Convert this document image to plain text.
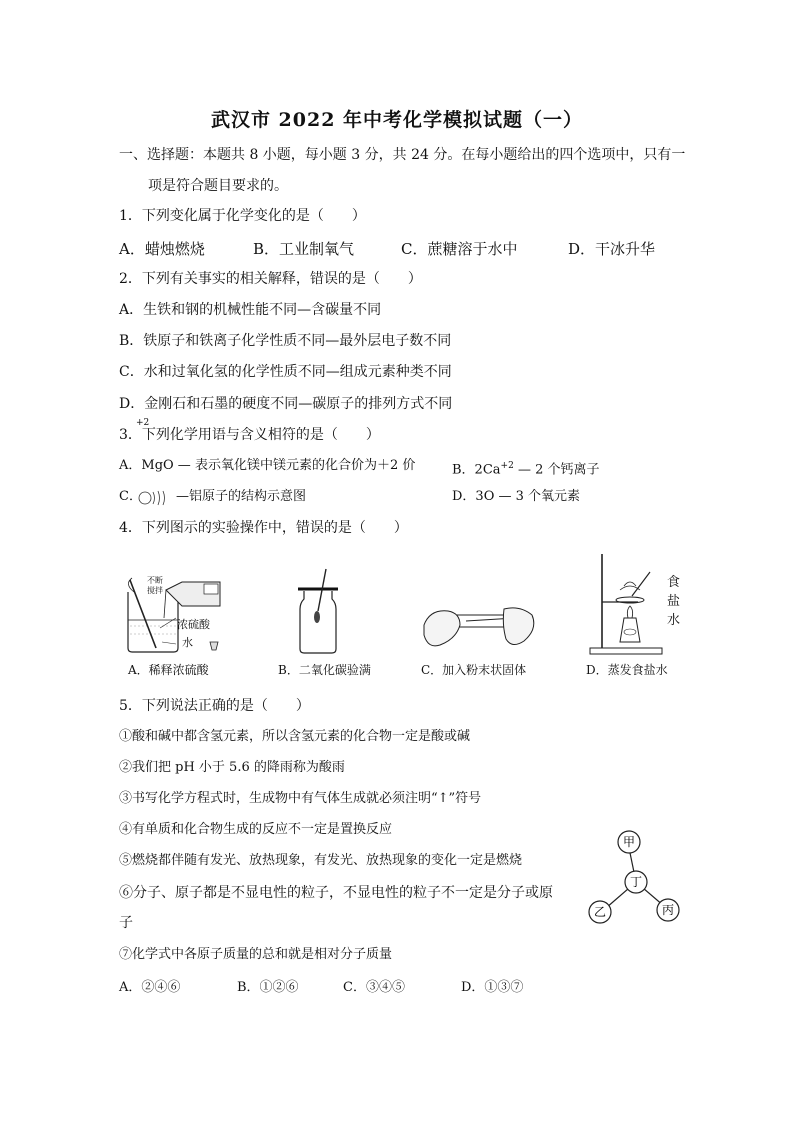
武汉市 2022 年中考化学模拟试题（一）
一、选择题：本题共 8 小题，每小题 3 分，共 24 分。在每小题给出的四个选项中，只有一
项是符合题目要求的。
1．下列变化属于化学变化的是（　　）
A．蜡烛燃烧	B．工业制氧气	C．蔗糖溶于水中	D．干冰升华
2．下列有关事实的相关解释，错误的是（　　）
A．生铁和钢的机械性能不同—含碳量不同
B．铁原子和铁离子化学性质不同—最外层电子数不同
C．水和过氧化氢的化学性质不同—组成元素种类不同
D．金刚石和石墨的硬度不同—碳原子的排列方式不同
+2
3．下列化学用语与含义相符的是（　　）
A．MgO — 表示氧化镁中镁元素的化合价为＋2 价	B．$2Ca^{+2}$ — 2 个钙离子
C．	—铝原子的结构示意图	D．3O — 3 个氧元素
4．下列图示的实验操作中，错误的是（　　）
不断
搅拌
浓硫酸
水
食
盐
水
A．稀释浓硫酸	B．二氧化碳验满	C．加入粉末状固体	D．蒸发食盐水
5．下列说法正确的是（　　）
①酸和碱中都含氢元素，所以含氢元素的化合物一定是酸或碱
②我们把 pH 小于 5.6 的降雨称为酸雨
③书写化学方程式时，生成物中有气体生成就必须注明“↑”符号
④有单质和化合物生成的反应不一定是置换反应
⑤燃烧都伴随有发光、放热现象，有发光、放热现象的变化一定是燃烧
⑥分子、原子都是不显电性的粒子，不显电性的粒子不一定是分子或原
子
⑦化学式中各原子质量的总和就是相对分子质量
A．②④⑥	B．①②⑥	C．③④⑤	D．①③⑦
甲
丁
乙	丙
